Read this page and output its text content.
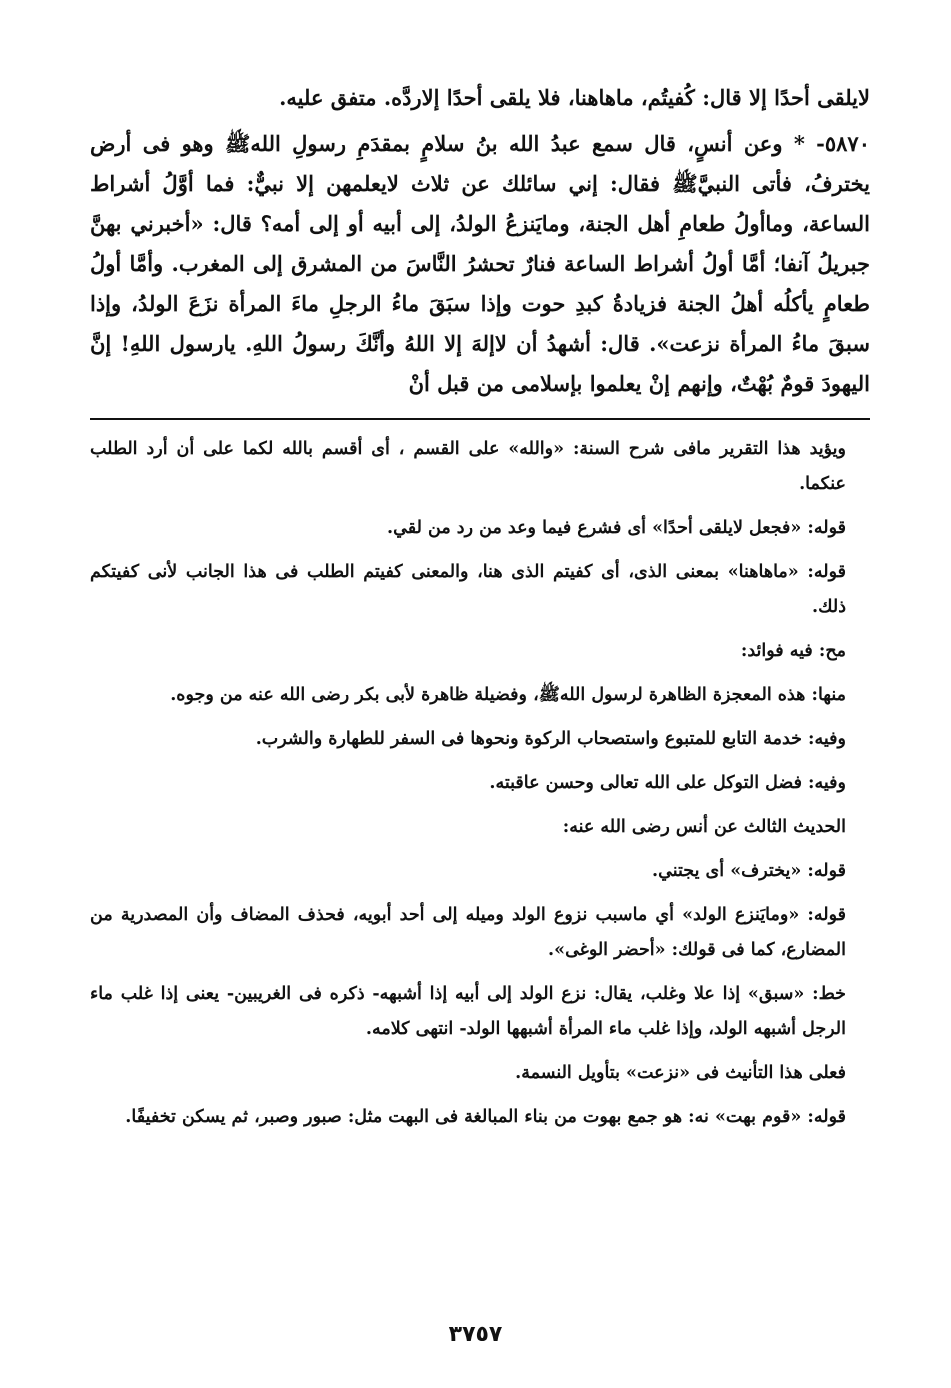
لايلقى أحدًا إلا قال: كُفيتُم، ماهاهنا، فلا يلقى أحدًا إلاردَّه. متفق عليه.

٥٨٧٠- * وعن أنسٍ، قال سمع عبدُ الله بنُ سلامٍ بمقدَمِ رسولِ اللهﷺ وهو فى أرض يخترفُ، فأتى النبيَّﷺ فقال: إني سائلك عن ثلاث لايعلمهن إلا نبيٌّ: فما أوَّلُ أشراط الساعة، وماأولُ طعامِ أهل الجنة، ومايَنزعُ الولدُ، إلى أبيه أو إلى أمه؟ قال: «أخبرني بهنَّ جبريلُ آنفا؛ أمَّا أولُ أشراط الساعة فنارٌ تحشرُ النَّاسَ من المشرق إلى المغرب. وأمَّا أولُ طعامٍ يأكلُه أهلُ الجنة فزيادةُ كبدِ حوت وإذا سبَقَ ماءُ الرجلِ ماءَ المرأة نزَعَ الولدُ، وإذا سبقَ ماءُ المرأة نزعت». قال: أشهدُ أن لاإلهَ إلا اللهُ وأنَّكَ رسولُ اللهِ. يارسول اللهِ! إنَّ اليهودَ قومٌ بُهْتٌ، وإنهم إنْ يعلموا بإسلامى من قبل أنْ

ويؤيد هذا التقرير مافى شرح السنة: «والله» على القسم ، أى أقسم بالله لكما على أن أرد الطلب عنكما.

قوله: «فجعل لايلقى أحدًا» أى فشرع فيما وعد من رد من لقي.

قوله: «ماهاهنا» بمعنى الذى، أى كفيتم الذى هنا، والمعنى كفيتم الطلب فى هذا الجانب لأنى كفيتكم ذلك.

مح: فيه فوائد:

منها: هذه المعجزة الظاهرة لرسول اللهﷺ، وفضيلة ظاهرة لأبى بكر رضى الله عنه من وجوه.

وفيه: خدمة التابع للمتبوع واستصحاب الركوة ونحوها فى السفر للطهارة والشرب.

وفيه: فضل التوكل على الله تعالى وحسن عاقبته.

الحديث الثالث عن أنس رضى الله عنه:

قوله: «يخترف» أى يجتني.

قوله: «ومايَنزع الولد» أي ماسبب نزوع الولد وميله إلى أحد أبويه، فحذف المضاف وأن المصدرية من المضارع، كما فى قولك: «أحضر الوغى».

خط: «سبق» إذا علا وغلب، يقال: نزع الولد إلى أبيه إذا أشبهه- ذكره فى الغريبين- يعنى إذا غلب ماء الرجل أشبهه الولد، وإذا غلب ماء المرأة أشبهها الولد- انتهى كلامه.

فعلى هذا التأنيث فى «نزعت» بتأويل النسمة.

قوله: «قوم بهت» نه: هو جمع بهوت من بناء المبالغة فى البهت مثل: صبور وصبر، ثم يسكن تخفيفًا.

٣٧٥٧
